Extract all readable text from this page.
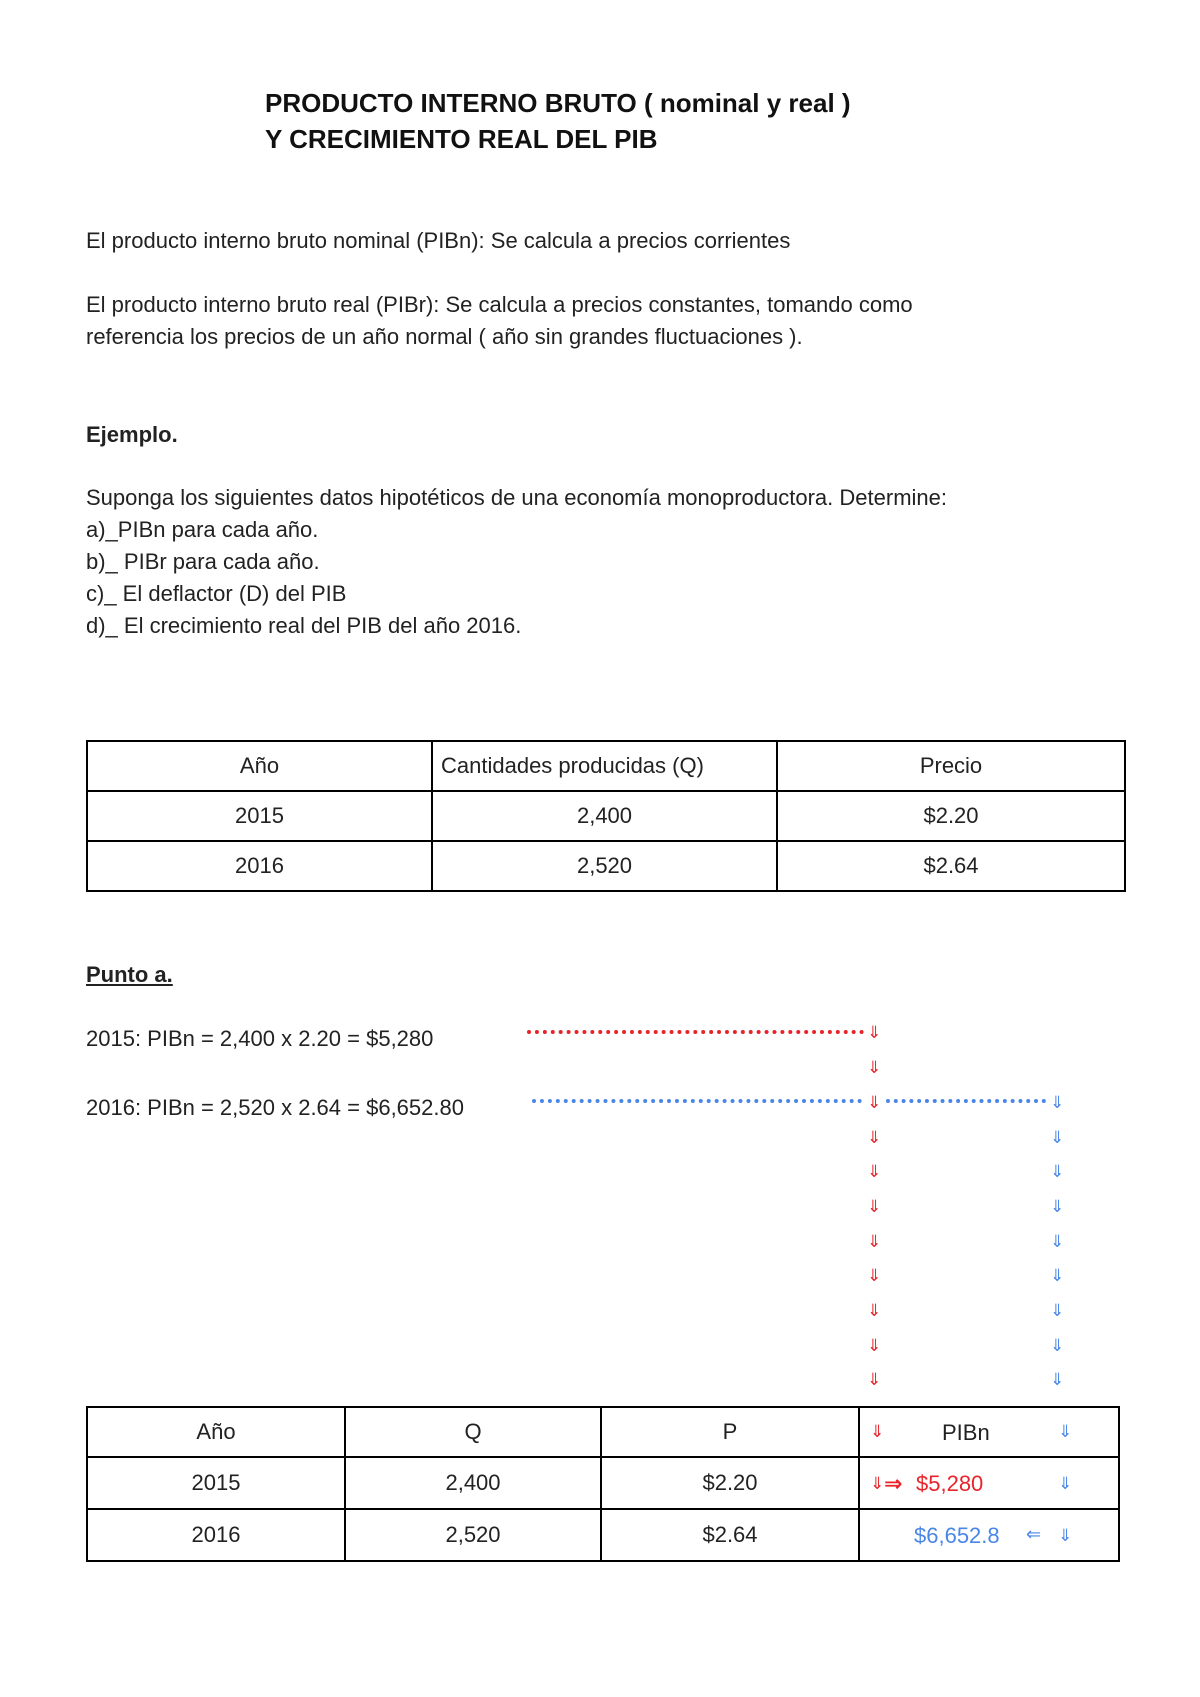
PRODUCTO INTERNO BRUTO ( nominal y real )
Y CRECIMIENTO REAL DEL PIB
El producto interno bruto nominal (PIBn): Se calcula a precios corrientes
El producto interno bruto real (PIBr): Se calcula a precios constantes, tomando como
referencia los precios de un año normal ( año sin grandes fluctuaciones ).
Ejemplo.
Suponga los siguientes datos hipotéticos de una economía monoproductora. Determine:
a)_PIBn para cada año.
b)_ PIBr para cada año.
c)_ El deflactor (D) del PIB
d)_ El crecimiento real del PIB del año 2016.
Año	Cantidades producidas (Q)	Precio
2015	2,400	$2.20
2016	2,520	$2.64
Punto a.
2015: PIBn = 2,400 x 2.20 = $5,280
2016: PIBn = 2,520 x 2.64 = $6,652.80
⇓
⇓
⇓
⇓
⇓
⇓
⇓
⇓
⇓
⇓
⇓
⇓
⇓
⇓
⇓
⇓
⇓
⇓
⇓
⇓
Año	Q	P	⇓ PIBn ⇓

2015	2,400	$2.20	⇓ ⇒ $5,280 ⇓

2016	2,520	$2.64	$6,652.8 ⇐ ⇓
